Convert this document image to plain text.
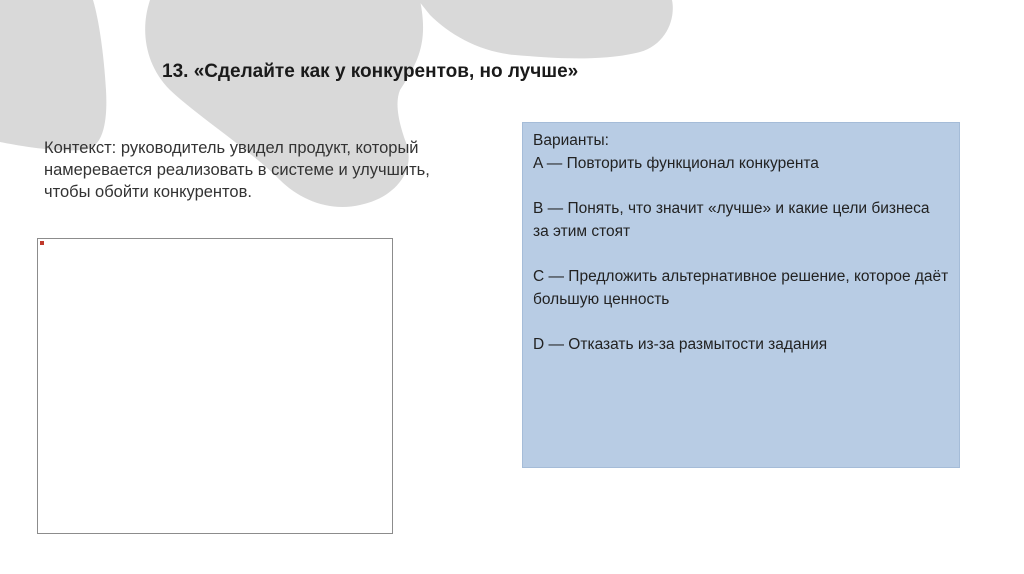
13. «Сделайте как у конкурентов, но лучше»
Контекст: руководитель увидел продукт, который намеревается реализовать в системе и улучшить, чтобы обойти конкурентов.
Варианты:
A — Повторить функционал конкурента
B — Понять, что значит «лучше» и какие цели бизнеса за этим стоят
C — Предложить альтернативное решение, которое даёт большую ценность
D — Отказать из-за размытости задания
